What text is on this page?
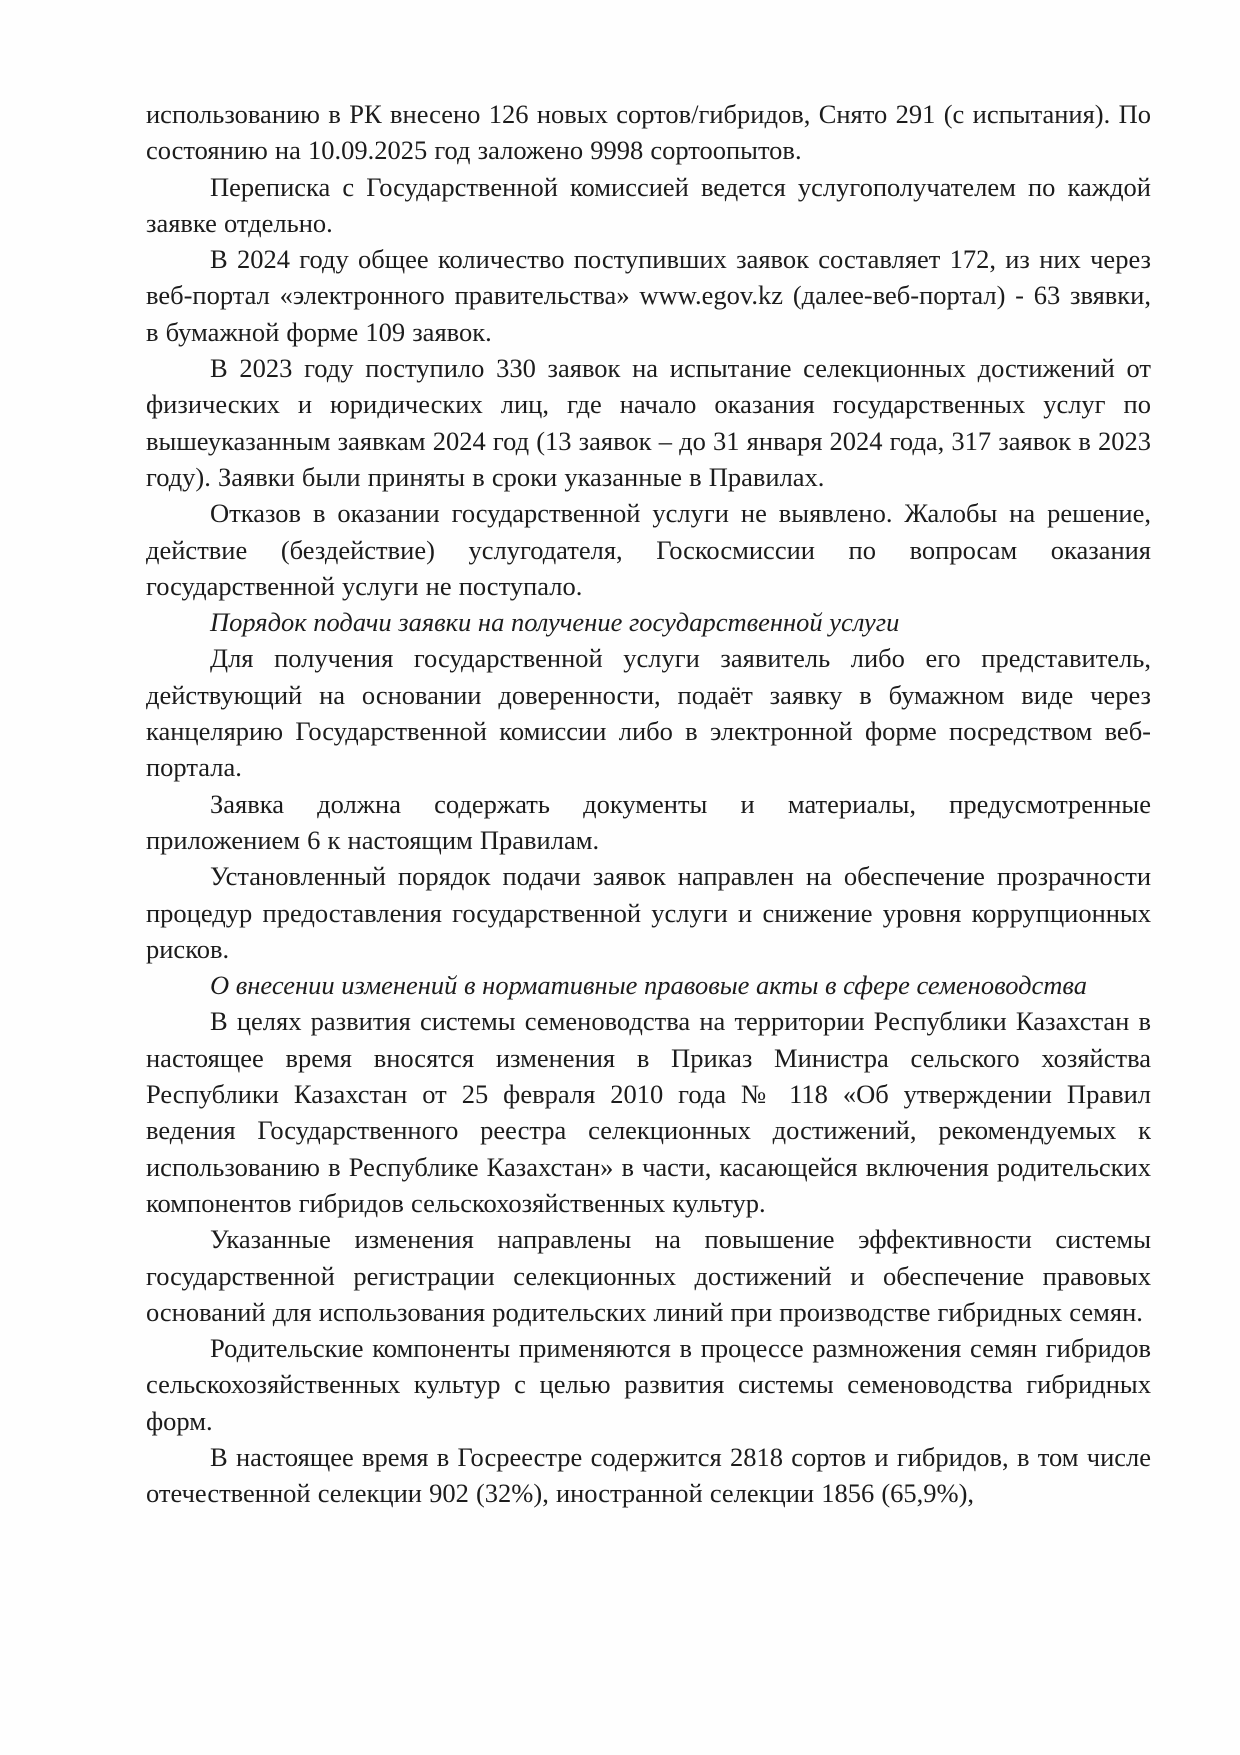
использованию в РК внесено 126 новых сортов/гибридов, Снято 291 (с испытания). По состоянию на 10.09.2025 год заложено 9998 сортоопытов.

Переписка с Государственной комиссией ведется услугополучателем по каждой заявке отдельно.

В 2024 году общее количество поступивших заявок составляет 172, из них через веб-портал «электронного правительства» www.egov.kz (далее-веб-портал) - 63 звявки, в бумажной форме 109 заявок.

В 2023 году поступило 330 заявок на испытание селекционных достижений от физических и юридических лиц, где начало оказания государственных услуг по вышеуказанным заявкам 2024 год (13 заявок – до 31 января 2024 года, 317 заявок в 2023 году). Заявки были приняты в сроки указанные в Правилах.

Отказов в оказании государственной услуги не выявлено. Жалобы на решение, действие (бездействие) услугодателя, Госкосмиссии по вопросам оказания государственной услуги не поступало.

Порядок подачи заявки на получение государственной услуги

Для получения государственной услуги заявитель либо его представитель, действующий на основании доверенности, подаёт заявку в бумажном виде через канцелярию Государственной комиссии либо в электронной форме посредством веб-портала.

Заявка должна содержать документы и материалы, предусмотренные приложением 6 к настоящим Правилам.

Установленный порядок подачи заявок направлен на обеспечение прозрачности процедур предоставления государственной услуги и снижение уровня коррупционных рисков.

О внесении изменений в нормативные правовые акты в сфере семеноводства

В целях развития системы семеноводства на территории Республики Казахстан в настоящее время вносятся изменения в Приказ Министра сельского хозяйства Республики Казахстан от 25 февраля 2010 года № 118 «Об утверждении Правил ведения Государственного реестра селекционных достижений, рекомендуемых к использованию в Республике Казахстан» в части, касающейся включения родительских компонентов гибридов сельскохозяйственных культур.

Указанные изменения направлены на повышение эффективности системы государственной регистрации селекционных достижений и обеспечение правовых оснований для использования родительских линий при производстве гибридных семян.

Родительские компоненты применяются в процессе размножения семян гибридов сельскохозяйственных культур с целью развития системы семеноводства гибридных форм.

В настоящее время в Госреестре содержится 2818 сортов и гибридов, в том числе отечественной селекции 902 (32%), иностранной селекции 1856 (65,9%),
